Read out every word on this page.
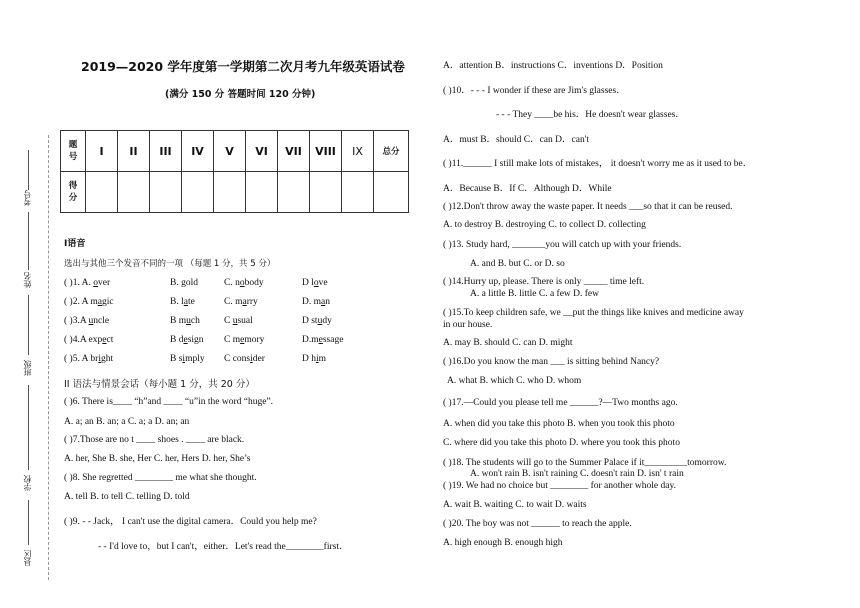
考号
姓名
班级
学校
县区
2019—2020 学年度第一学期第二次月考九年级英语试卷
(满分 150 分 答题时间 120 分钟)
题
号	I	II	III	IV	V	VI	VII	VIII	IX	总分
得
分										
I语音
选出与其他三个发音不同的一项 （每题 1 分，共 5 分）
( )1. A. over	B. gold	C. nobody	D love
( )2. A magic	B. late	C. marry	D. man
( )3.A uncle	B much	C usual	D study
( )4.A expect	B design C memory	D.message
( )5. A bright	B simply C consider	D him
II 语法与情景会话（每小题 1 分，共 20 分）
( )6. There is____ “h”and ____ “u”in the word “huge”.
A. a; an B. an; a C. a; a D. an; an
( )7.Those are no t ____ shoes . ____ are black.
A. her, She B. she, Her C. her, Hers D. her, She’s
( )8. She regretted ________ me what she thought.
A. tell B. to tell C. telling D. told
( )9. - - Jack， I can't use the digital camera．Could you help me?
- - I'd love to，but I can't，either．Let's read the________first．
A．attention B．instructions C．inventions D．Position
( )10．- - - I wonder if these are Jim's glasses．
- - - They ____be his．He doesn't wear glasses．
A．must B．should C．can D．can't
( )11.______ I still make lots of mistakes， it doesn't worry me as it used to be．
A．Because B．If C．Although D．While
( )12.Don't throw away the waste paper. It needs ___so that it can be reused.
A. to destroy B. destroying C. to collect D. collecting
( )13. Study hard, _______you will catch up with your friends.
A. and B. but C. or D. so
( )14.Hurry up, please. There is only _____ time left.
A. a little B. little C. a few D. few
( )15.To keep children safe, we __put the things like knives and medicine away
in our house.
A. may B. should C. can D. might
( )16.Do you know the man ___ is sitting behind Nancy?
A. what B. which C. who D. whom
( )17.—Could you please tell me ______?—Two months ago.
A. when did you take this photo B. when you took this photo
C. where did you take this photo D. where you took this photo
( )18. The students will go to the Summer Palace if it_________tomorrow.
A. won't rain B. isn't raining C. doesn't rain D. isn' t rain
( )19. We had no choice but ________ for another whole day.
A. wait B. waiting C. to wait D. waits
( )20. The boy was not ______ to reach the apple.
A. high enough B. enough high
